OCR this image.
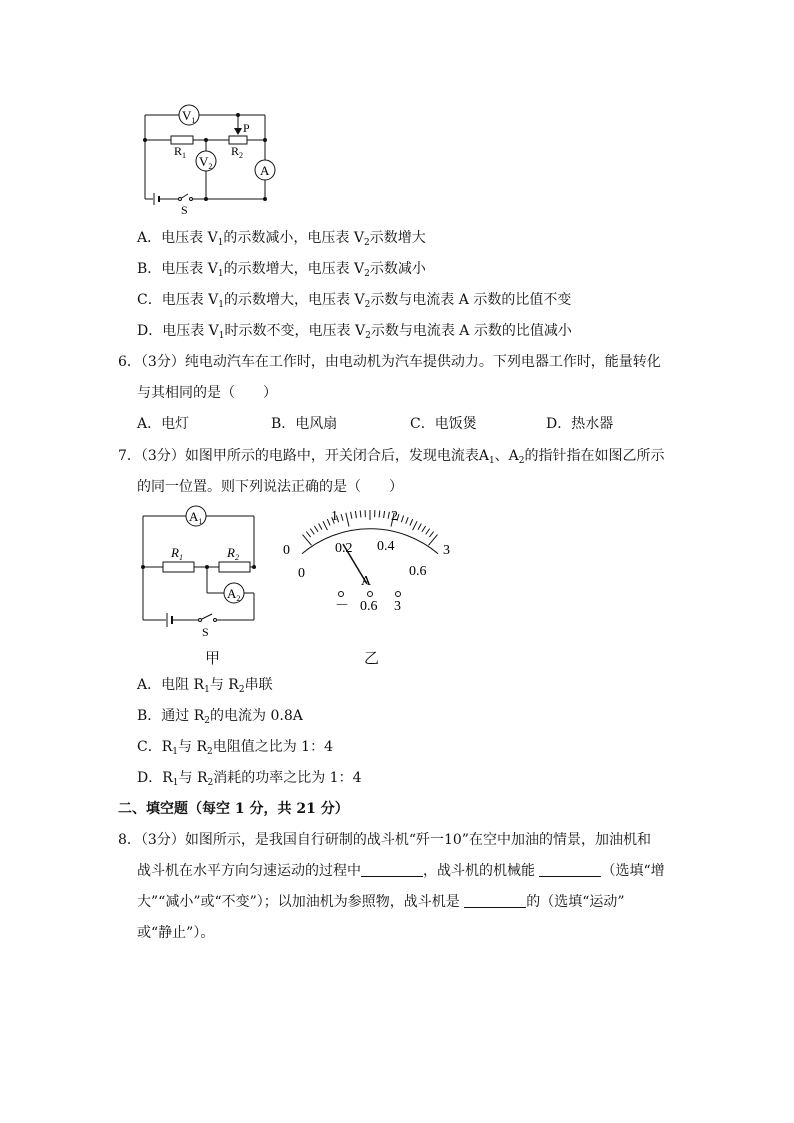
$V_1$
$V_2$	A
$R_1$	$R_2$
P
S
A．电压表 $V_1$的示数减小，电压表 $V_2$示数增大
B．电压表 $V_1$的示数增大，电压表 $V_2$示数减小
C．电压表 $V_1$的示数增大，电压表 $V_2$示数与电流表 A 示数的比值不变
D．电压表 $V_1$时示数不变，电压表 $V_2$示数与电流表 A 示数的比值减小
6．（3分）纯电动汽车在工作时，由电动机为汽车提供动力。下列电器工作时，能量转化
与其相同的是（　　）
A．电灯	B．电风扇	C．电饭煲	D．热水器
7．（3分）如图甲所示的电路中，开关闭合后，发现电流表$A_1$、$A_2$的指针指在如图乙所示
的同一位置。则下列说法正确的是（　　）
$A_1$
$A_2$
$R_1$	$R_2$
S
0
1	2
3
0
0.2 0.4
0.6
A
－ 0.6 3
甲	乙
A．电阻 $R_1$与 $R_2$串联
B．通过 $R_2$的电流为 0.8A
C．$R_1$与 $R_2$电阻值之比为 1：4
D．$R_1$与 $R_2$消耗的功率之比为 1：4
二、填空题（每空 1 分，共 21 分）
8．（3分）如图所示，是我国自行研制的战斗机“歼一10”在空中加油的情景，加油机和
战斗机在水平方向匀速运动的过程中	，战斗机的机械能	（选填“增
大”“减小”或“不变”）；以加油机为参照物，战斗机是	的（选填“运动”
或“静止”）。
